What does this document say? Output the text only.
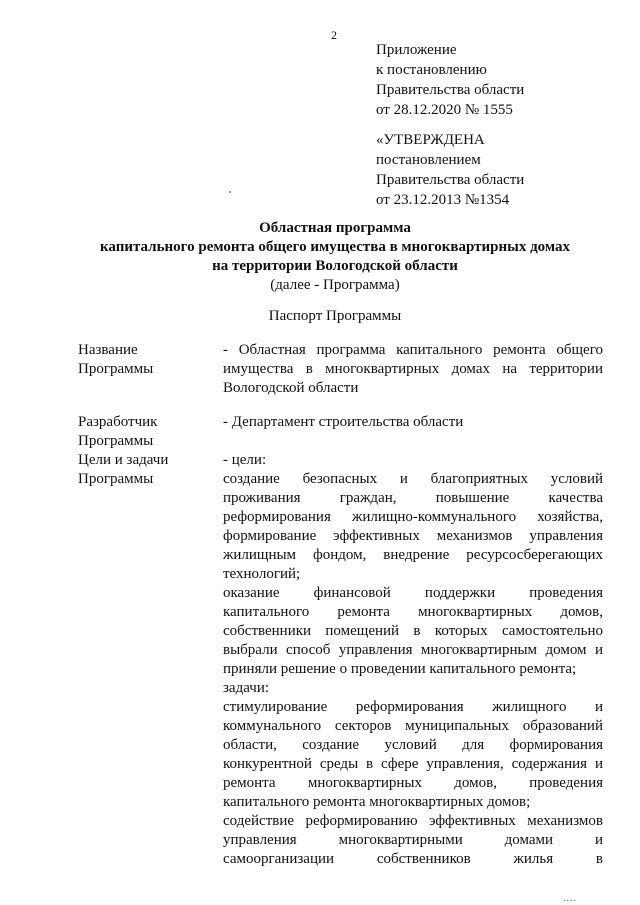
2
Приложение
к постановлению
Правительства области
от 28.12.2020 № 1555
«УТВЕРЖДЕНА
постановлением
Правительства области
от 23.12.2013 №1354
Областная программа
капитального ремонта общего имущества в многоквартирных домах
на территории Вологодской области
(далее - Программа)
Паспорт Программы
Название
Программы
- Областная программа капитального ремонта общего
имущества в многоквартирных домах на территории
Вологодской области
Разработчик
Программы
- Департамент строительства области
Цели и задачи
Программы
- цели:
создание безопасных и благоприятных условий
проживания граждан, повышение качества
реформирования жилищно-коммунального хозяйства,
формирование эффективных механизмов управления
жилищным фондом, внедрение ресурсосберегающих
технологий;
оказание финансовой поддержки проведения
капитального ремонта многоквартирных домов,
собственники помещений в которых самостоятельно
выбрали способ управления многоквартирным домом и
приняли решение о проведении капитального ремонта;
задачи:
стимулирование реформирования жилищного и
коммунального секторов муниципальных образований
области, создание условий для формирования
конкурентной среды в сфере управления, содержания и
ремонта многоквартирных домов, проведения
капитального ремонта многоквартирных домов;
содействие реформированию эффективных механизмов
управления многоквартирными домами и
самоорганизации собственников жилья в
....
